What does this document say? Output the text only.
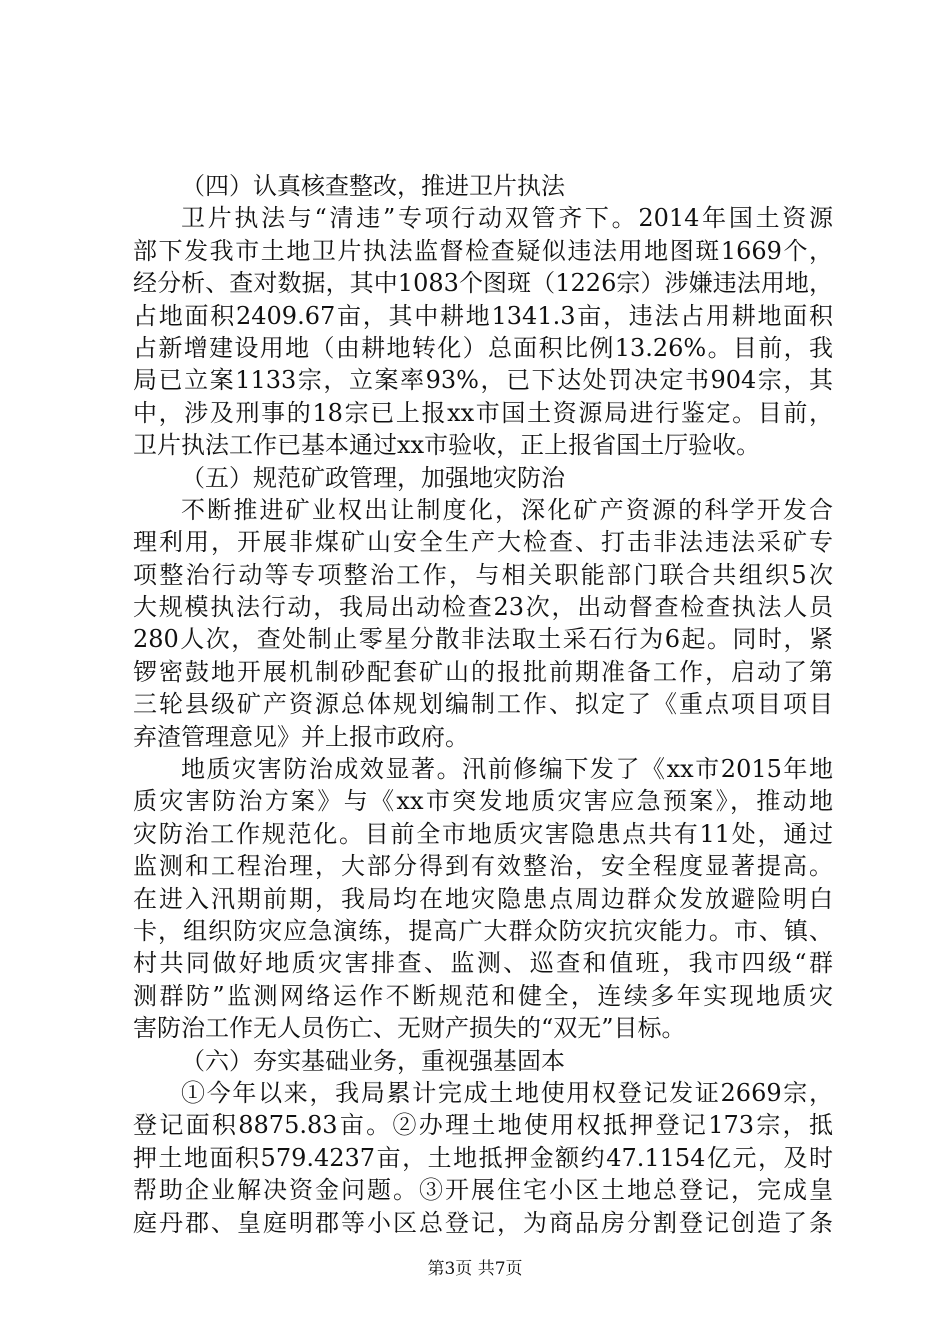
（四）认真核查整改，推进卫片执法
卫片执法与“清违”专项行动双管齐下。2014年国土资源
部下发我市土地卫片执法监督检查疑似违法用地图斑1669个，
经分析、查对数据，其中1083个图斑（1226宗）涉嫌违法用地，
占地面积2409.67亩，其中耕地1341.3亩，违法占用耕地面积
占新增建设用地（由耕地转化）总面积比例13.26%。目前，我
局已立案1133宗，立案率93%，已下达处罚决定书904宗，其
中，涉及刑事的18宗已上报xx市国土资源局进行鉴定。目前，
卫片执法工作已基本通过xx市验收，正上报省国土厅验收。
（五）规范矿政管理，加强地灾防治
不断推进矿业权出让制度化，深化矿产资源的科学开发合
理利用，开展非煤矿山安全生产大检查、打击非法违法采矿专
项整治行动等专项整治工作，与相关职能部门联合共组织5次
大规模执法行动，我局出动检查23次，出动督查检查执法人员
280人次，查处制止零星分散非法取土采石行为6起。同时，紧
锣密鼓地开展机制砂配套矿山的报批前期准备工作，启动了第
三轮县级矿产资源总体规划编制工作、拟定了《重点项目项目
弃渣管理意见》并上报市政府。
地质灾害防治成效显著。汛前修编下发了《xx市2015年地
质灾害防治方案》与《xx市突发地质灾害应急预案》，推动地
灾防治工作规范化。目前全市地质灾害隐患点共有11处，通过
监测和工程治理，大部分得到有效整治，安全程度显著提高。
在进入汛期前期，我局均在地灾隐患点周边群众发放避险明白
卡，组织防灾应急演练，提高广大群众防灾抗灾能力。市、镇、
村共同做好地质灾害排查、监测、巡查和值班，我市四级“群
测群防”监测网络运作不断规范和健全，连续多年实现地质灾
害防治工作无人员伤亡、无财产损失的“双无”目标。
（六）夯实基础业务，重视强基固本
①今年以来，我局累计完成土地使用权登记发证2669宗，
登记面积8875.83亩。②办理土地使用权抵押登记173宗，抵
押土地面积579.4237亩，土地抵押金额约47.1154亿元，及时
帮助企业解决资金问题。③开展住宅小区土地总登记，完成皇
庭丹郡、皇庭明郡等小区总登记，为商品房分割登记创造了条
第3页 共7页
